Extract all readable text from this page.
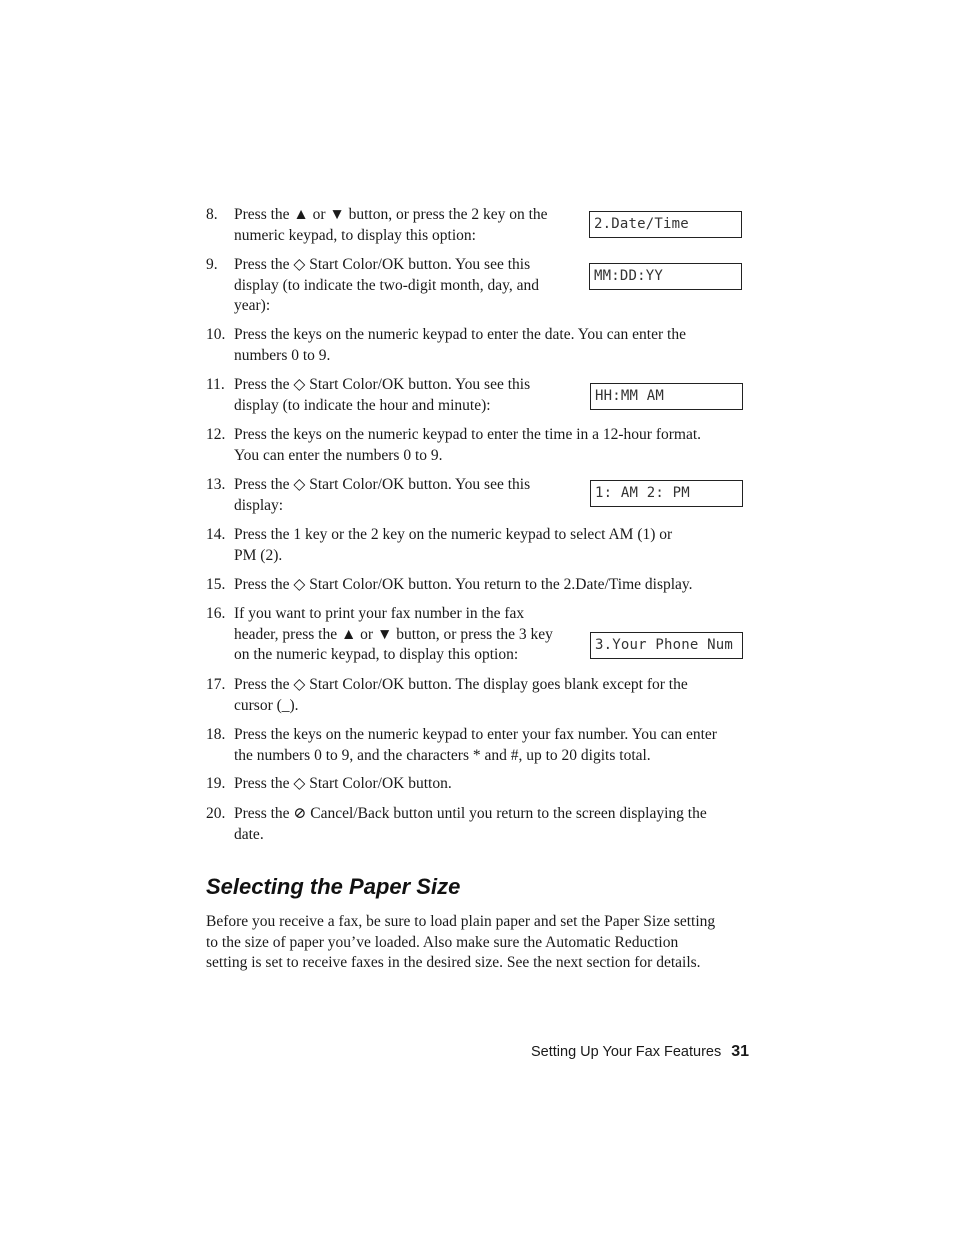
8.	Press the ▲ or ▼ button, or press the 2 key on the
numeric keypad, to display this option:
2.Date/Time
9.	Press the ◇ Start Color/OK button. You see this
display (to indicate the two-digit month, day, and
year):
MM:DD:YY
10. Press the keys on the numeric keypad to enter the date. You can enter the
numbers 0 to 9.
11. Press the ◇ Start Color/OK button. You see this
display (to indicate the hour and minute):
HH:MM AM
12. Press the keys on the numeric keypad to enter the time in a 12-hour format.
You can enter the numbers 0 to 9.
13. Press the ◇ Start Color/OK button. You see this
display:
1: AM 2: PM
14. Press the 1 key or the 2 key on the numeric keypad to select AM (1) or
PM (2).
15. Press the ◇ Start Color/OK button. You return to the 2.Date/Time display.
16. If you want to print your fax number in the fax
header, press the ▲ or ▼ button, or press the 3 key
on the numeric keypad, to display this option:
3.Your Phone Num
17. Press the ◇ Start Color/OK button. The display goes blank except for the
cursor (_).
18. Press the keys on the numeric keypad to enter your fax number. You can enter
the numbers 0 to 9, and the characters * and #, up to 20 digits total.
19. Press the ◇ Start Color/OK button.
20. Press the ⊘ Cancel/Back button until you return to the screen displaying the
date.
Selecting the Paper Size
Before you receive a fax, be sure to load plain paper and set the Paper Size setting
to the size of paper you’ve loaded. Also make sure the Automatic Reduction
setting is set to receive faxes in the desired size. See the next section for details.
Setting Up Your Fax Features 31
